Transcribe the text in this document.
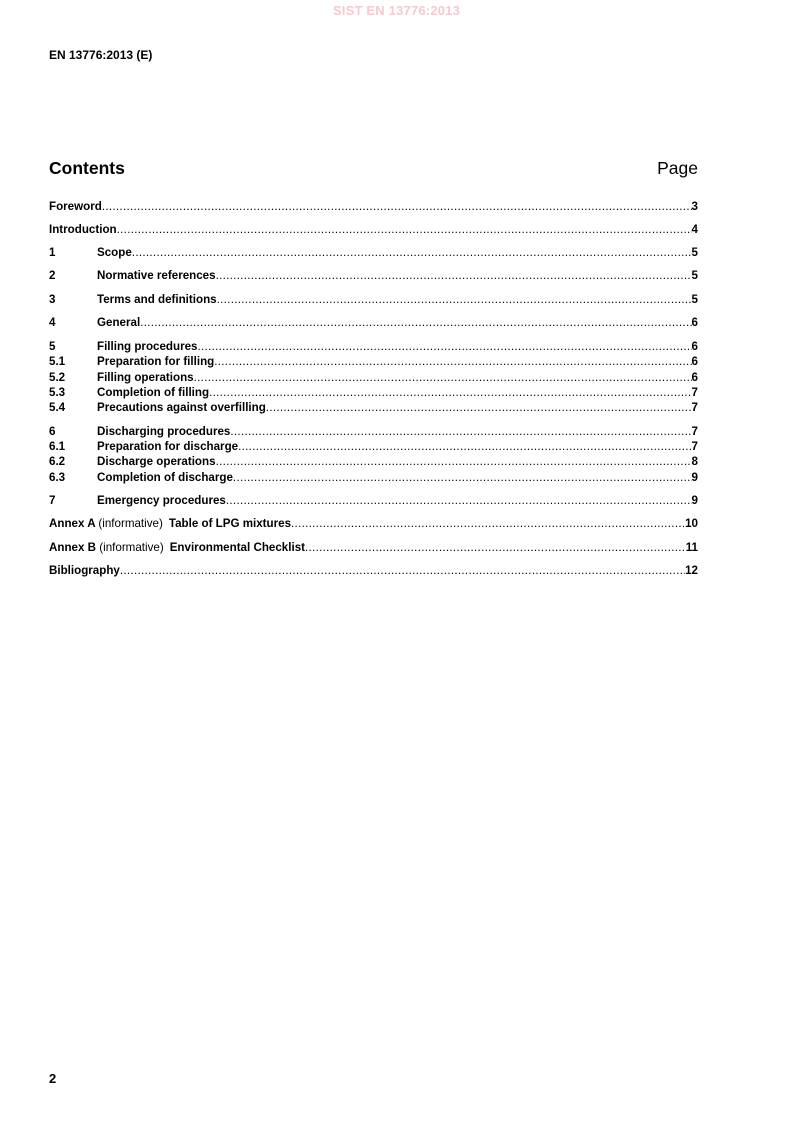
SIST EN 13776:2013
EN 13776:2013 (E)
Contents	Page
Foreword .....	3
Introduction .....	4
1	Scope .....	5
2	Normative references .....	5
3	Terms and definitions .....	5
4	General .....	6
5	Filling procedures .....	6
5.1	Preparation for filling .....	6
5.2	Filling operations .....	6
5.3	Completion of filling .....	7
5.4	Precautions against overfilling .....	7
6	Discharging procedures .....	7
6.1	Preparation for discharge .....	7
6.2	Discharge operations .....	8
6.3	Completion of discharge .....	9
7	Emergency procedures .....	9
Annex A (informative) Table of LPG mixtures .....	10
Annex B (informative) Environmental Checklist .....	11
Bibliography .....	12
2
